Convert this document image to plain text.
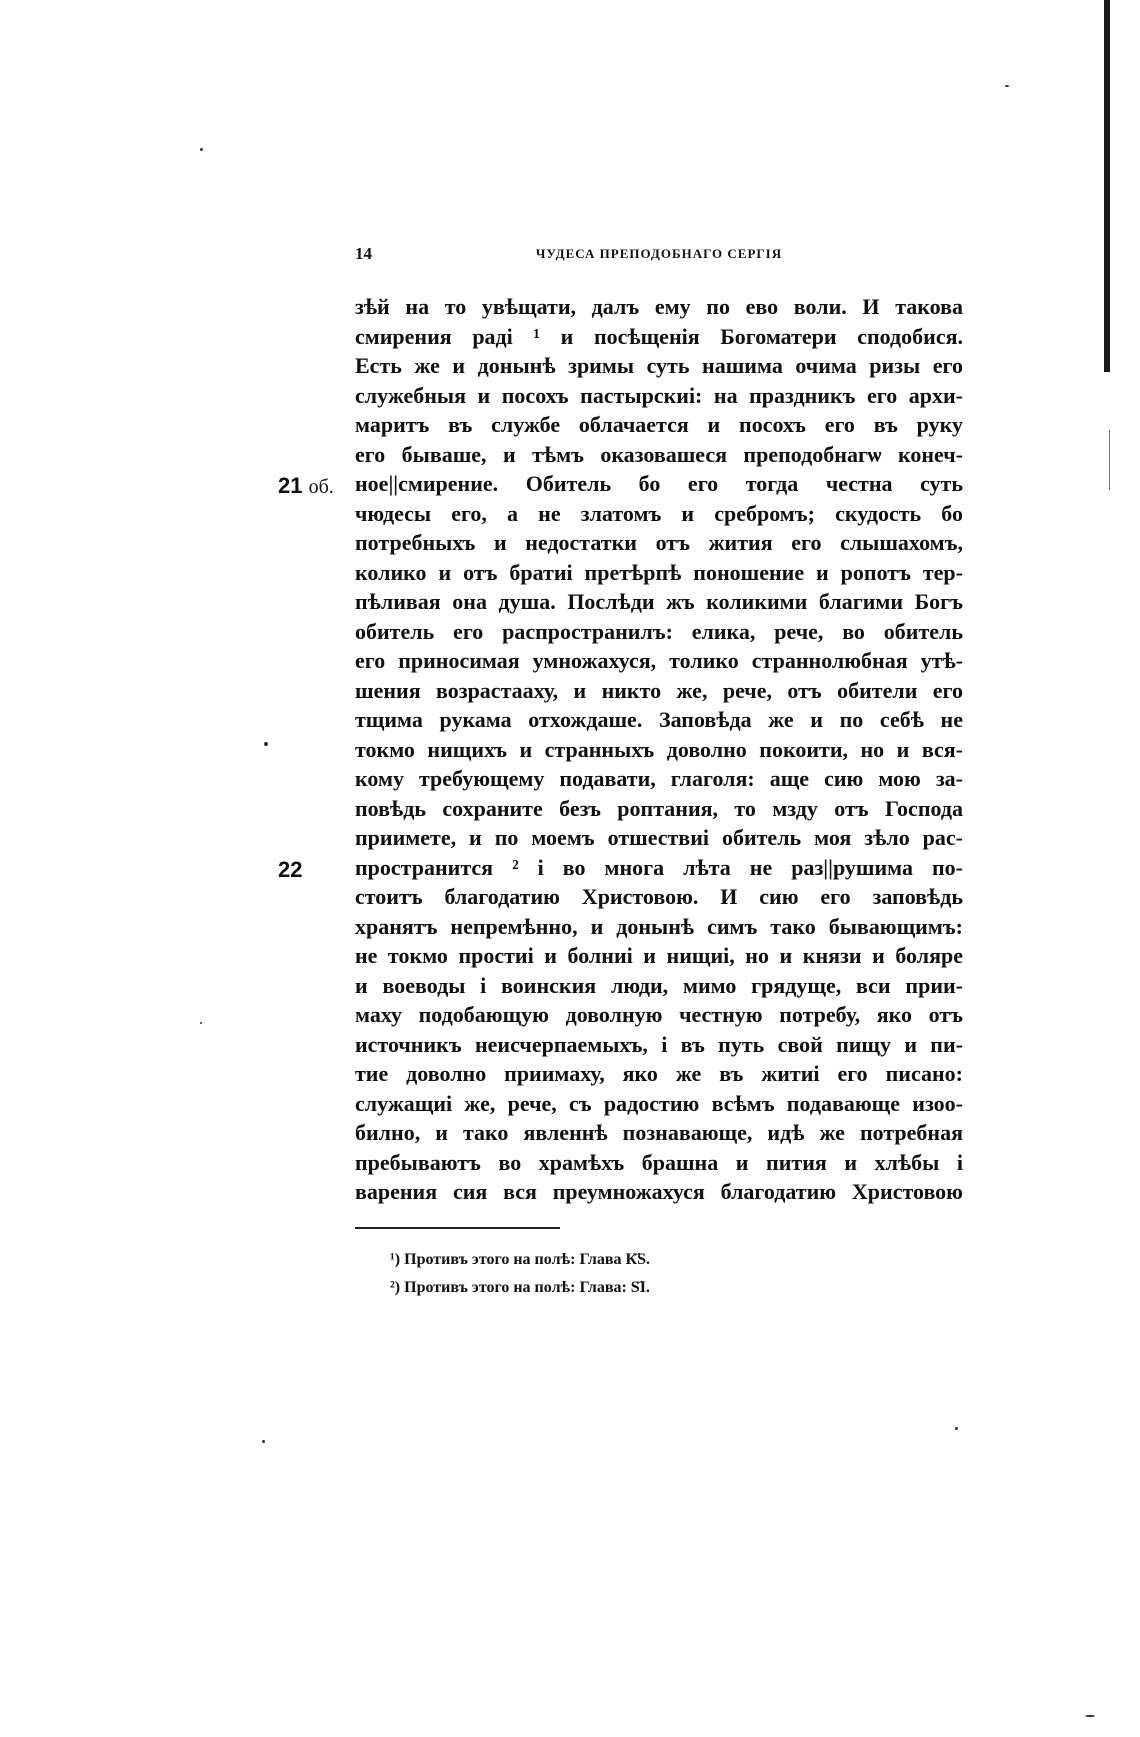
14	ЧУДЕСА ПРЕПОДОБНАГО СЕРГІЯ
21 об.
22
зѣй на то увѣщати, далъ ему по ево воли. И такова
смирения раді ¹ и посѣщенія Богоматери сподобися.
Есть же и донынѣ зримы суть нашима очима ризы его
служебныя и посохъ пастырскиі: на праздникъ его архи-
маритъ въ службе облачается и посохъ его въ руку
его бываше, и тѣмъ оказовашеся преподобнагѡ конеч-
ное||смирение. Обитель бо его тогда честна суть
чюдесы его, а не златомъ и сребромъ; скудость бо
потребныхъ и недостатки отъ жития его слышахомъ,
колико и отъ братиі претѣрпѣ поношение и ропотъ тер-
пѣливая она душа. Послѣди жъ коликими благими Богъ
обитель его распространилъ: елика, рече, во обитель
его приносимая умножахуся, толико страннолюбная утѣ-
шения возрастааху, и никто же, рече, отъ обители его
тщима рукама отхождаше. Заповѣда же и по себѣ не
токмо нищихъ и странныхъ доволно покоити, но и вся-
кому требующему подавати, глаголя: аще сию мою за-
повѣдь сохраните безъ роптания, то мзду отъ Господа
приимете, и по моемъ отшествиі обитель моя зѣло рас-
пространится ² і во многа лѣта не раз||рушима по-
стоитъ благодатию Христовою. И сию его заповѣдь
хранятъ непремѣнно, и донынѣ симъ тако бывающимъ:
не токмо простиі и болниі и нищиі, но и князи и боляре
и воеводы і воинския люди, мимо грядуще, вси прии-
маху подобающую доволную честную потребу, яко отъ
источникъ неисчерпаемыхъ, і въ путь свой пищу и пи-
тие доволно приимаху, яко же въ житиі его писано:
служащиі же, рече, съ радостию всѣмъ подавающе изоо-
билно, и тако явленнѣ познавающе, идѣ же потребная
пребываютъ во храмѣхъ брашна и пития и хлѣбы і
варения сия вся преумножахуся благодатию Христовою
¹) Противъ этого на полѣ: Глава К҃S.
²) Противъ этого на полѣ: Глава: Ѕ҃І.
